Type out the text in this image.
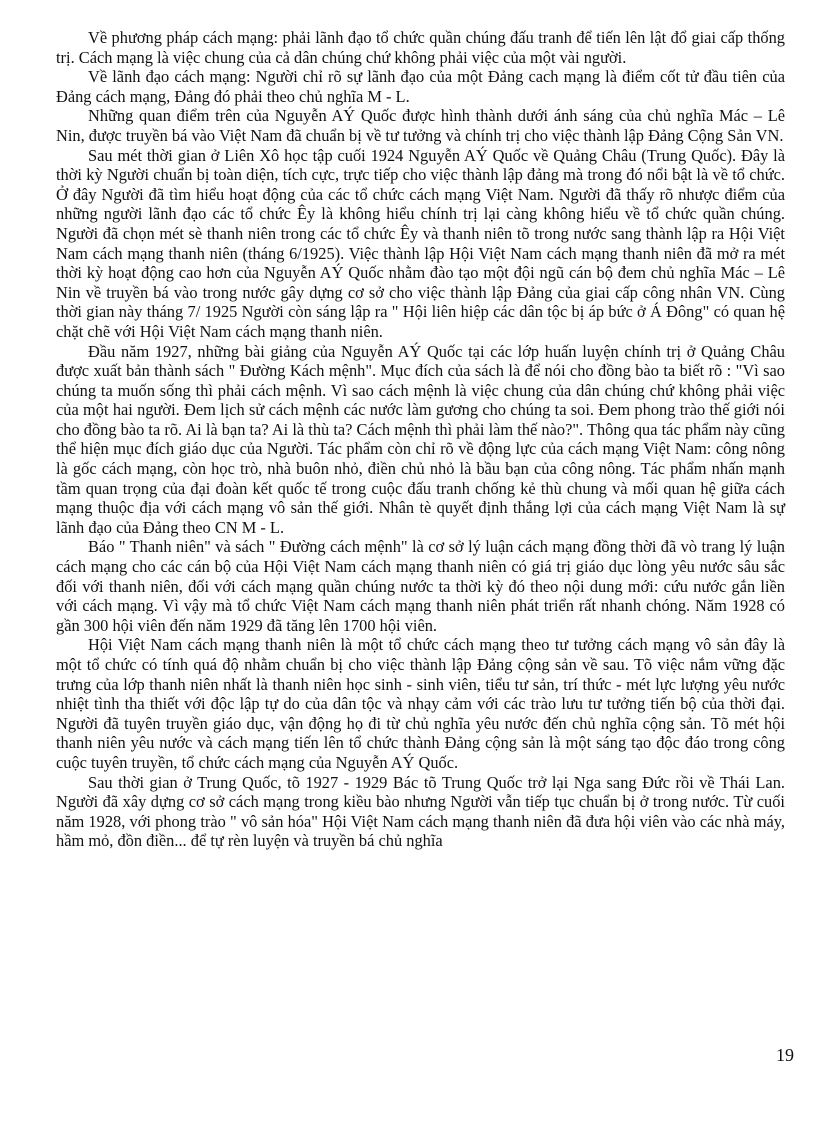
Về phương pháp cách mạng: phải lãnh đạo tổ chức quần chúng đấu tranh để tiến lên lật đổ giai cấp thống trị. Cách mạng là việc chung của cả dân chúng chứ không phải việc của một vài người.

Về lãnh đạo cách mạng: Người chỉ rõ sự lãnh đạo của một Đảng cach mạng là điểm cốt tử đầu tiên của Đảng cách mạng, Đảng đó phải theo chủ nghĩa M - L.

Những quan điểm trên của Nguyễn AÝ Quốc được hình thành dưới ánh sáng của chủ nghĩa Mác – Lê Nin, được truyền bá vào Việt Nam đã chuẩn bị về tư tưởng và chính trị cho việc thành lập Đảng Cộng Sản VN.

Sau mét thời gian ở Liên Xô học tập cuối 1924 Nguyễn AÝ Quốc về Quảng Châu (Trung Quốc). Đây là thời kỳ Người chuẩn bị toàn diện, tích cực, trực tiếp cho việc thành lập đảng mà trong đó nổi bật là về tổ chức. Ở đây Người đã tìm hiểu hoạt động của các tổ chức cách mạng Việt Nam. Người đã thấy rõ nhược điểm của những người lãnh đạo các tổ chức Êy là không hiểu chính trị lại càng không hiểu về tổ chức quần chúng. Người đã chọn mét sè thanh niên trong các tổ chức Êy và thanh niên tõ trong nước sang thành lập ra Hội Việt Nam cách mạng thanh niên (tháng 6/1925). Việc thành lập Hội Việt Nam cách mạng thanh niên đã mở ra mét thời kỳ hoạt động cao hơn của Nguyễn AÝ Quốc nhằm đào tạo một đội ngũ cán bộ đem chủ nghĩa Mác – Lê Nin về truyền bá vào trong nước gây dựng cơ sở cho việc thành lập Đảng của giai cấp công nhân VN. Cùng thời gian này tháng 7/ 1925 Người còn sáng lập ra " Hội liên hiệp các dân tộc bị áp bức ở Á Đông" có quan hệ chặt chẽ với Hội Việt Nam cách mạng thanh niên.

Đầu năm 1927, những bài giảng của Nguyễn AÝ Quốc tại các lớp huấn luyện chính trị ở Quảng Châu được xuất bản thành sách " Đường Kách mệnh". Mục đích của sách là để nói cho đồng bào ta biết rõ : "Vì sao chúng ta muốn sống thì phải cách mệnh. Vì sao cách mệnh là việc chung của dân chúng chứ không phải việc của một hai người. Đem lịch sử cách mệnh các nước làm gương cho chúng ta soi. Đem phong trào thế giới nói cho đồng bào ta rõ. Ai là bạn ta? Ai là thù ta? Cách mệnh thì phải làm thế nào?". Thông qua tác phẩm này cũng thể hiện mục đích giáo dục của Người. Tác phẩm còn chỉ rõ về động lực của cách mạng Việt Nam: công nông là gốc cách mạng, còn học trò, nhà buôn nhỏ, điền chủ nhỏ là bầu bạn của công nông. Tác phẩm nhấn mạnh tầm quan trọng của đại đoàn kết quốc tế trong cuộc đấu tranh chống kẻ thù chung và mối quan hệ giữa cách mạng thuộc địa với cách mạng vô sản thế giới. Nhân tè quyết định thắng lợi của cách mạng Việt Nam là sự lãnh đạo của Đảng theo CN M - L.

Báo " Thanh niên" và sách " Đường cách mệnh" là cơ sở lý luận cách mạng đồng thời đã vò trang lý luận cách mạng cho các cán bộ của Hội Việt Nam cách mạng thanh niên có giá trị giáo dục lòng yêu nước sâu sắc đối với thanh niên, đối với cách mạng quần chúng nước ta thời kỳ đó theo nội dung mới: cứu nước gắn liền với cách mạng. Vì vậy mà tổ chức Việt Nam cách mạng thanh niên phát triển rất nhanh chóng. Năm 1928 có gần 300 hội viên đến năm 1929 đã tăng lên 1700 hội viên.

Hội Việt Nam cách mạng thanh niên là một tổ chức cách mạng theo tư tưởng cách mạng vô sản đây là một tổ chức có tính quá độ nhằm chuẩn bị cho việc thành lập Đảng cộng sản về sau. Tõ việc nắm vững đặc trưng của lớp thanh niên nhất là thanh niên học sinh - sinh viên, tiểu tư sản, trí thức - mét lực lượng yêu nước nhiệt tình tha thiết với độc lập tự do của dân tộc và nhạy cảm với các trào lưu tư tưởng tiến bộ của thời đại. Người đã tuyên truyền giáo dục, vận động họ đi từ chủ nghĩa yêu nước đến chủ nghĩa cộng sản. Tõ mét hội thanh niên yêu nước và cách mạng tiến lên tổ chức thành Đảng cộng sản là một sáng tạo độc đáo trong công cuộc tuyên truyền, tổ chức cách mạng của Nguyễn AÝ Quốc.

Sau thời gian ở Trung Quốc, tõ 1927 - 1929 Bác tõ Trung Quốc trở lại Nga sang Đức rồi về Thái Lan. Người đã xây dựng cơ sở cách mạng trong kiều bào nhưng Người vẫn tiếp tục chuẩn bị ở trong nước. Từ cuối năm 1928, với phong trào " vô sản hóa" Hội Việt Nam cách mạng thanh niên đã đưa hội viên vào các nhà máy, hầm mỏ, đồn điền... để tự rèn luyện và truyền bá chủ nghĩa

19
